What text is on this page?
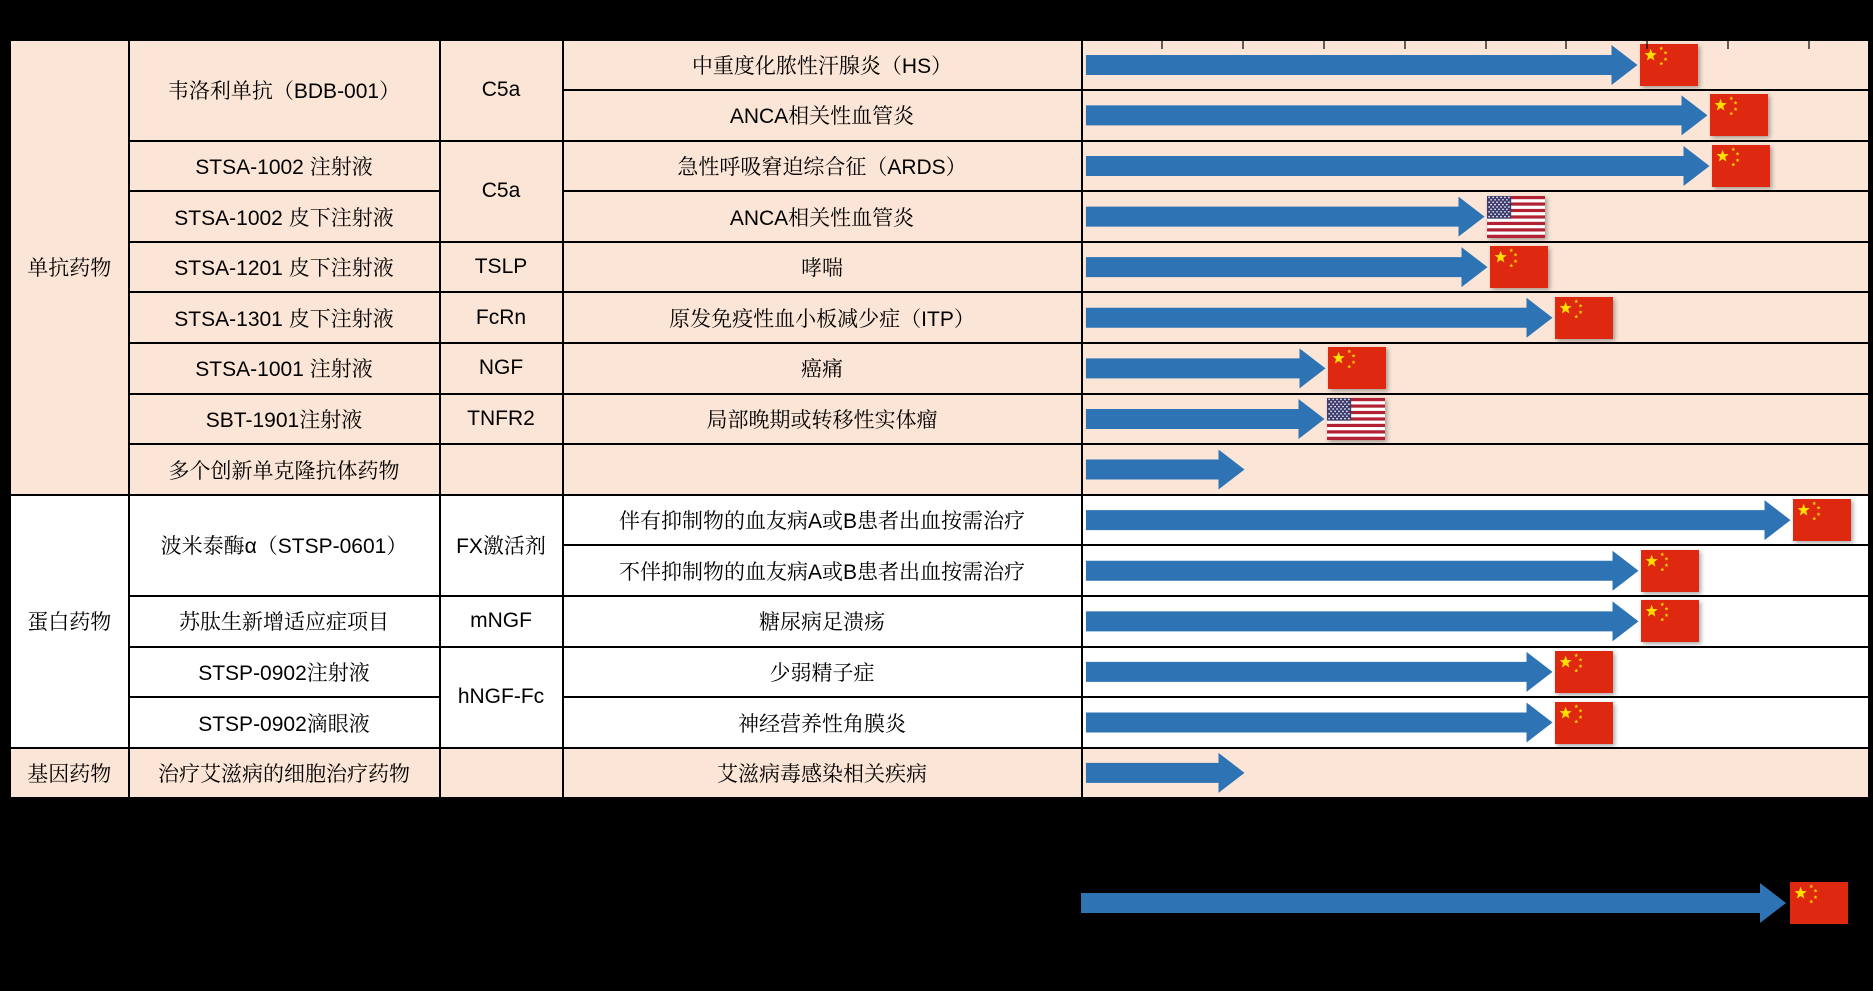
单抗药物	韦洛利单抗（BDB-001）	C5a	中重度化脓性汗腺炎（HS）	

			ANCA相关性血管炎	

	STSA-1002 注射液	C5a	急性呼吸窘迫综合征（ARDS）	

	STSA-1002 皮下注射液		ANCA相关性血管炎	

	STSA-1201 皮下注射液	TSLP	哮喘	

	STSA-1301 皮下注射液	FcRn	原发免疫性血小板减少症（ITP）	

	STSA-1001 注射液	NGF	癌痛	

	SBT-1901注射液	TNFR2	局部晚期或转移性实体瘤	

	多个创新单克隆抗体药物			

蛋白药物	波米泰酶α（STSP-0601）	FX激活剂	伴有抑制物的血友病A或B患者出血按需治疗	

			不伴抑制物的血友病A或B患者出血按需治疗	

	苏肽生新增适应症项目	mNGF	糖尿病足溃疡	

	STSP-0902注射液	hNGF-Fc	少弱精子症	

	STSP-0902滴眼液		神经营养性角膜炎	

基因药物	治疗艾滋病的细胞治疗药物		艾滋病毒感染相关疾病	
